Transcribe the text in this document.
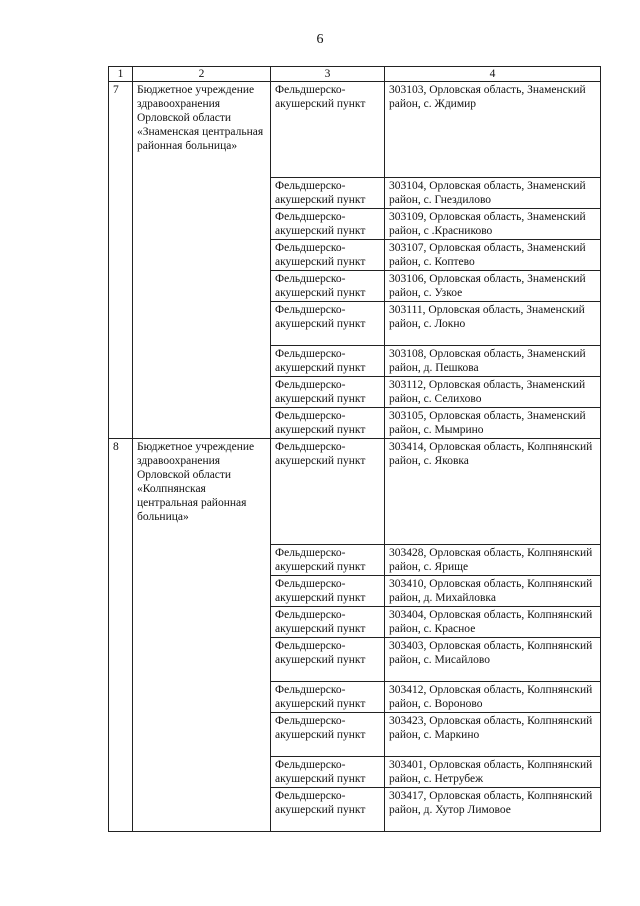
6
1	2	3	4
7	Бюджетное учреждение здравоохранения Орловской области «Знаменская центральная районная больница»	Фельдшерско-акушерский пункт	303103, Орловская область, Знаменский район, с. Ждимир
		Фельдшерско-акушерский пункт	303104, Орловская область, Знаменский район, с. Гнездилово
		Фельдшерско-акушерский пункт	303109, Орловская область, Знаменский район, с .Красниково
		Фельдшерско-акушерский пункт	303107, Орловская область, Знаменский район, с. Коптево
		Фельдшерско-акушерский пункт	303106, Орловская область, Знаменский район, с. Узкое
		Фельдшерско-акушерский пункт	303111, Орловская область, Знаменский район, с. Локно
		Фельдшерско-акушерский пункт	303108, Орловская область, Знаменский район, д. Пешкова
		Фельдшерско-акушерский пункт	303112, Орловская область, Знаменский район, с. Селихово
		Фельдшерско-акушерский пункт	303105, Орловская область, Знаменский район, с. Мымрино
8	Бюджетное учреждение здравоохранения Орловской области «Колпнянская центральная районная больница»	Фельдшерско-акушерский пункт	303414, Орловская область, Колпнянский район, с. Яковка
		Фельдшерско-акушерский пункт	303428, Орловская область, Колпнянский район, с. Ярище
		Фельдшерско-акушерский пункт	303410, Орловская область, Колпнянский район, д. Михайловка
		Фельдшерско-акушерский пункт	303404, Орловская область, Колпнянский район, с. Красное
		Фельдшерско-акушерский пункт	303403, Орловская область, Колпнянский район, с. Мисайлово
		Фельдшерско-акушерский пункт	303412, Орловская область, Колпнянский район, с. Вороново
		Фельдшерско-акушерский пункт	303423, Орловская область, Колпнянский район, с. Маркино
		Фельдшерско-акушерский пункт	303401, Орловская область, Колпнянский район, с. Нетрубеж
		Фельдшерско-акушерский пункт	303417, Орловская область, Колпнянский район, д. Хутор Лимовое
